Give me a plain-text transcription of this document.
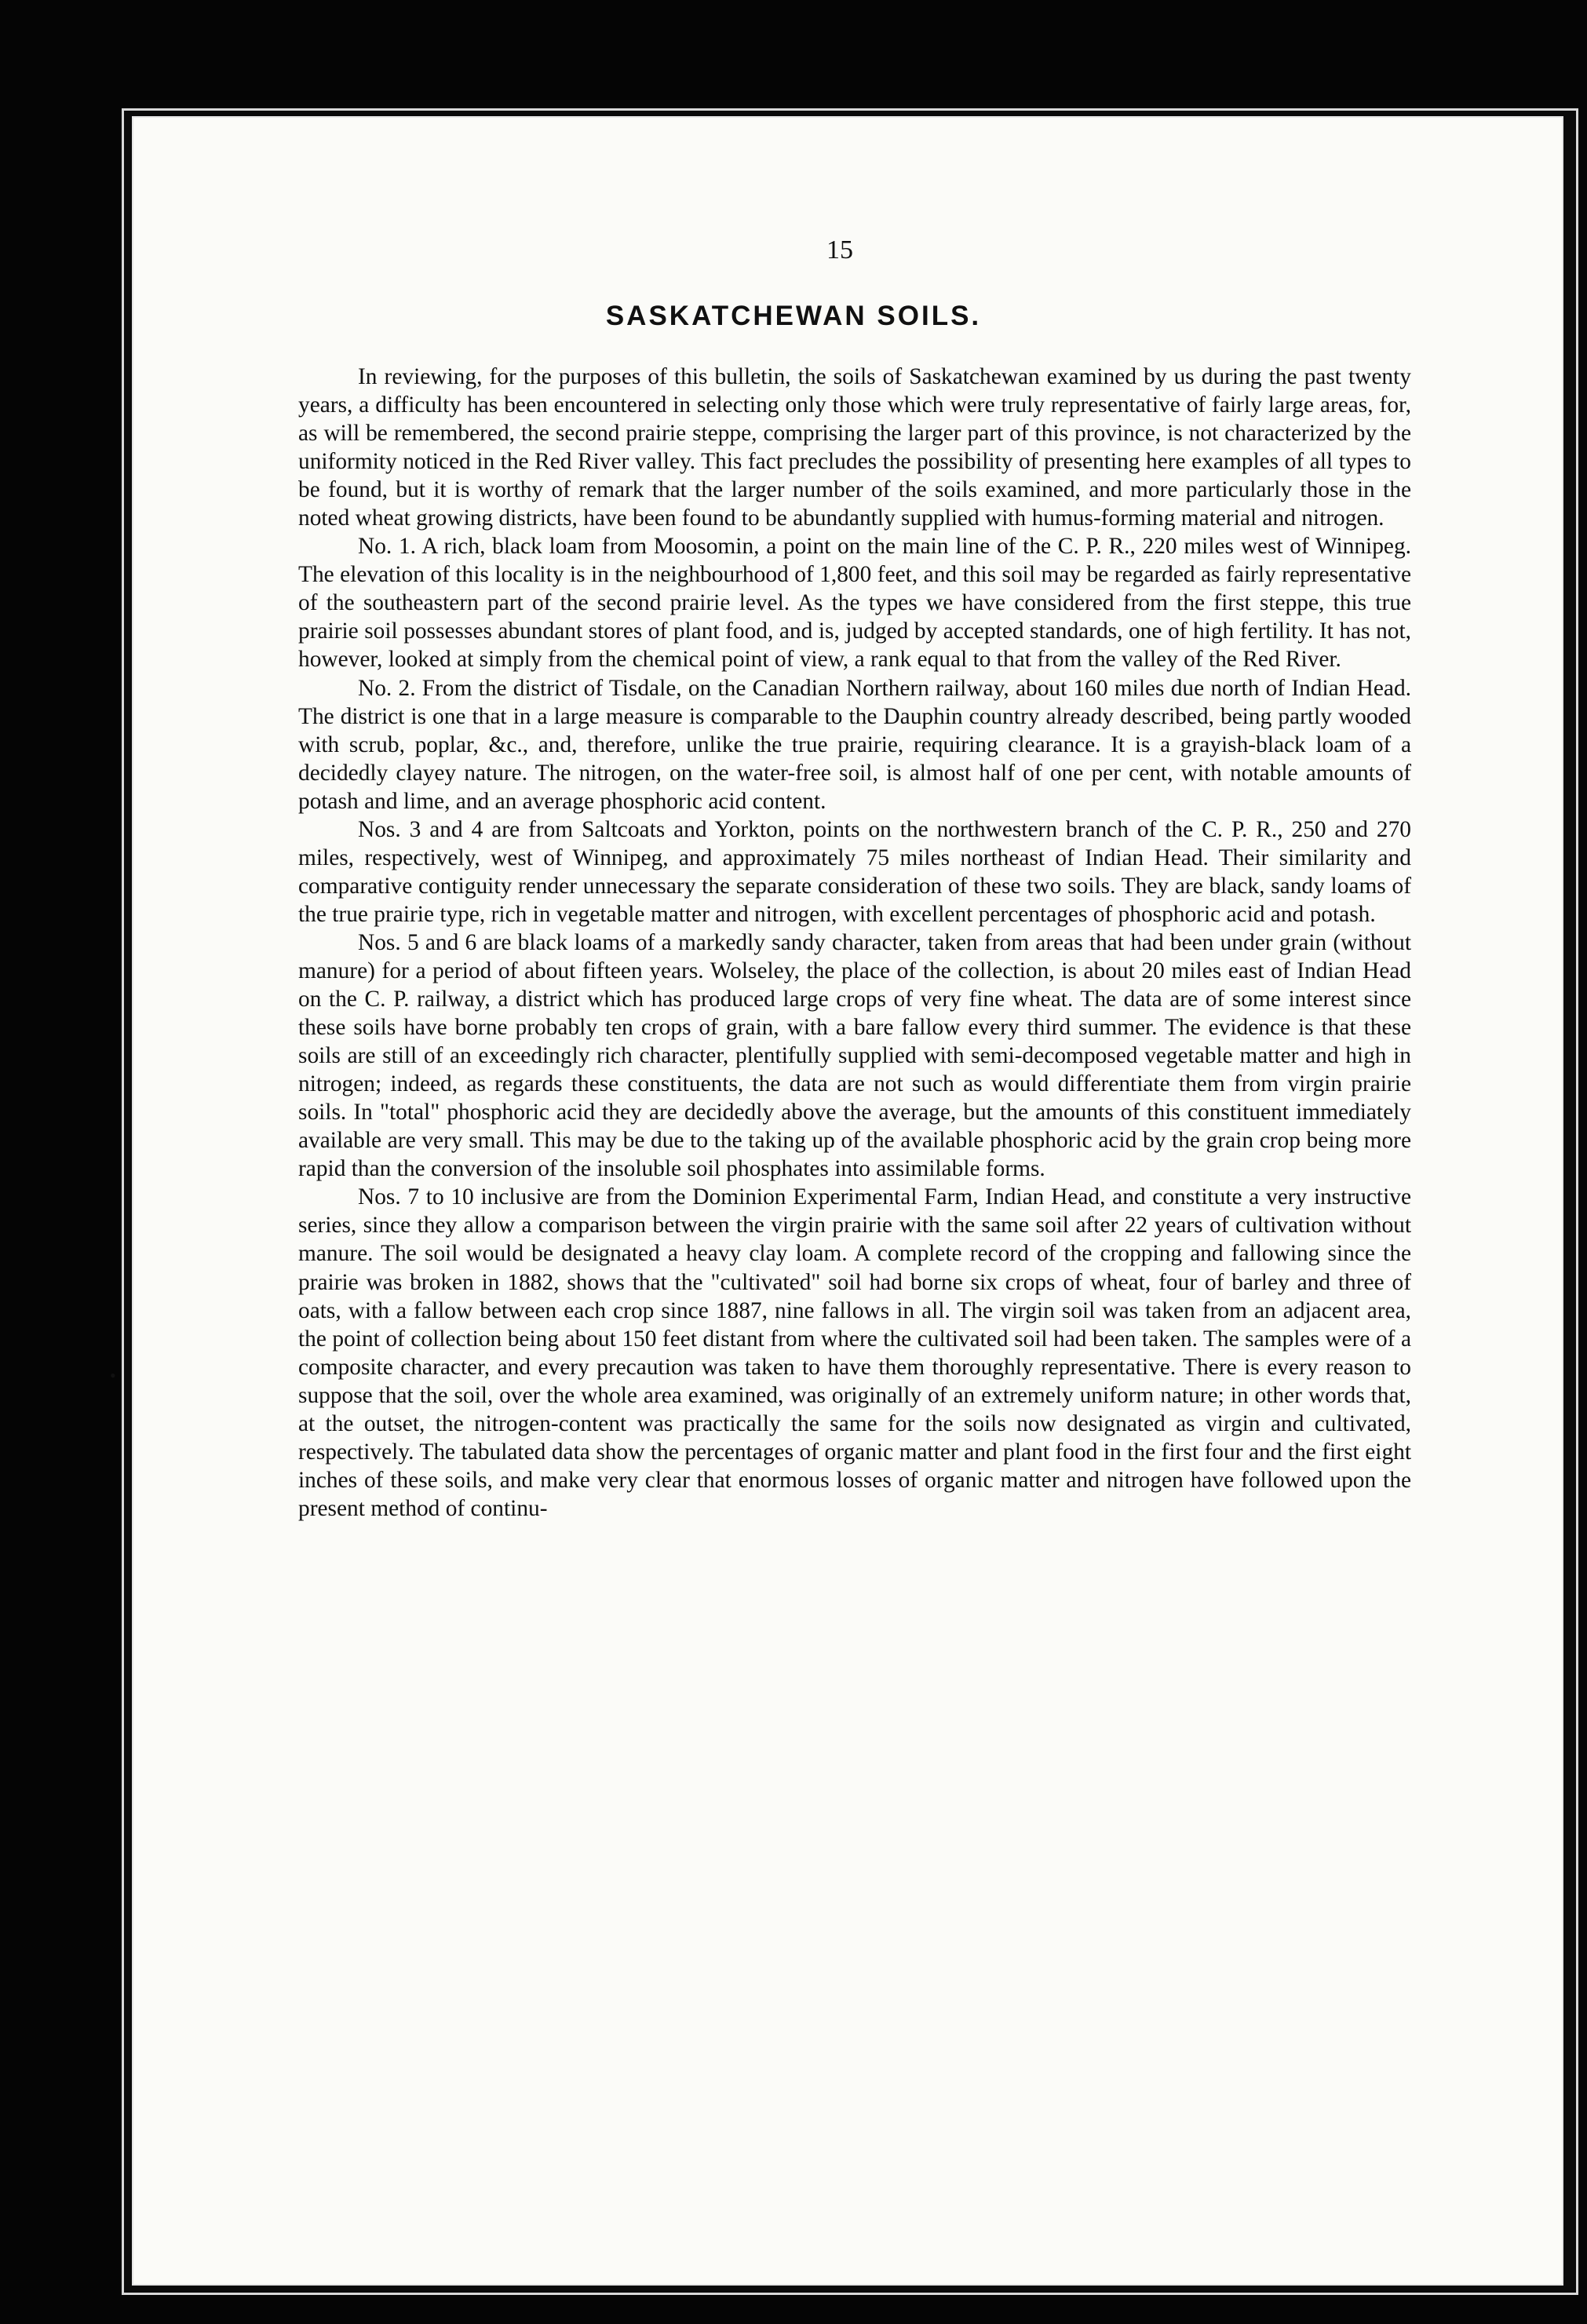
•
15
SASKATCHEWAN SOILS.

In reviewing, for the purposes of this bulletin, the soils of Saskatchewan examined by us during the past twenty years, a difficulty has been encountered in selecting only those which were truly representative of fairly large areas, for, as will be remembered, the second prairie steppe, comprising the larger part of this province, is not characterized by the uniformity noticed in the Red River valley. This fact precludes the possibility of presenting here examples of all types to be found, but it is worthy of remark that the larger number of the soils examined, and more particularly those in the noted wheat growing districts, have been found to be abundantly supplied with humus-forming material and nitrogen.

No. 1. A rich, black loam from Moosomin, a point on the main line of the C. P. R., 220 miles west of Winnipeg. The elevation of this locality is in the neighbourhood of 1,800 feet, and this soil may be regarded as fairly representative of the southeastern part of the second prairie level. As the types we have considered from the first steppe, this true prairie soil possesses abundant stores of plant food, and is, judged by accepted standards, one of high fertility. It has not, however, looked at simply from the chemical point of view, a rank equal to that from the valley of the Red River.

No. 2. From the district of Tisdale, on the Canadian Northern railway, about 160 miles due north of Indian Head. The district is one that in a large measure is comparable to the Dauphin country already described, being partly wooded with scrub, poplar, &c., and, therefore, unlike the true prairie, requiring clearance. It is a grayish-black loam of a decidedly clayey nature. The nitrogen, on the water-free soil, is almost half of one per cent, with notable amounts of potash and lime, and an average phosphoric acid content.

Nos. 3 and 4 are from Saltcoats and Yorkton, points on the northwestern branch of the C. P. R., 250 and 270 miles, respectively, west of Winnipeg, and approximately 75 miles northeast of Indian Head. Their similarity and comparative contiguity render unnecessary the separate consideration of these two soils. They are black, sandy loams of the true prairie type, rich in vegetable matter and nitrogen, with excellent percentages of phosphoric acid and potash.

Nos. 5 and 6 are black loams of a markedly sandy character, taken from areas that had been under grain (without manure) for a period of about fifteen years. Wolseley, the place of the collection, is about 20 miles east of Indian Head on the C. P. railway, a district which has produced large crops of very fine wheat. The data are of some interest since these soils have borne probably ten crops of grain, with a bare fallow every third summer. The evidence is that these soils are still of an exceedingly rich character, plentifully supplied with semi-decomposed vegetable matter and high in nitrogen; indeed, as regards these constituents, the data are not such as would differentiate them from virgin prairie soils. In "total" phosphoric acid they are decidedly above the average, but the amounts of this constituent immediately available are very small. This may be due to the taking up of the available phosphoric acid by the grain crop being more rapid than the conversion of the insoluble soil phosphates into assimilable forms.

Nos. 7 to 10 inclusive are from the Dominion Experimental Farm, Indian Head, and constitute a very instructive series, since they allow a comparison between the virgin prairie with the same soil after 22 years of cultivation without manure. The soil would be designated a heavy clay loam. A complete record of the cropping and fallowing since the prairie was broken in 1882, shows that the "cultivated" soil had borne six crops of wheat, four of barley and three of oats, with a fallow between each crop since 1887, nine fallows in all. The virgin soil was taken from an adjacent area, the point of collection being about 150 feet distant from where the cultivated soil had been taken. The samples were of a composite character, and every precaution was taken to have them thoroughly representative. There is every reason to suppose that the soil, over the whole area examined, was originally of an extremely uniform nature; in other words that, at the outset, the nitrogen-content was practically the same for the soils now designated as virgin and cultivated, respectively. The tabulated data show the percentages of organic matter and plant food in the first four and the first eight inches of these soils, and make very clear that enormous losses of organic matter and nitrogen have followed upon the present method of continu-
